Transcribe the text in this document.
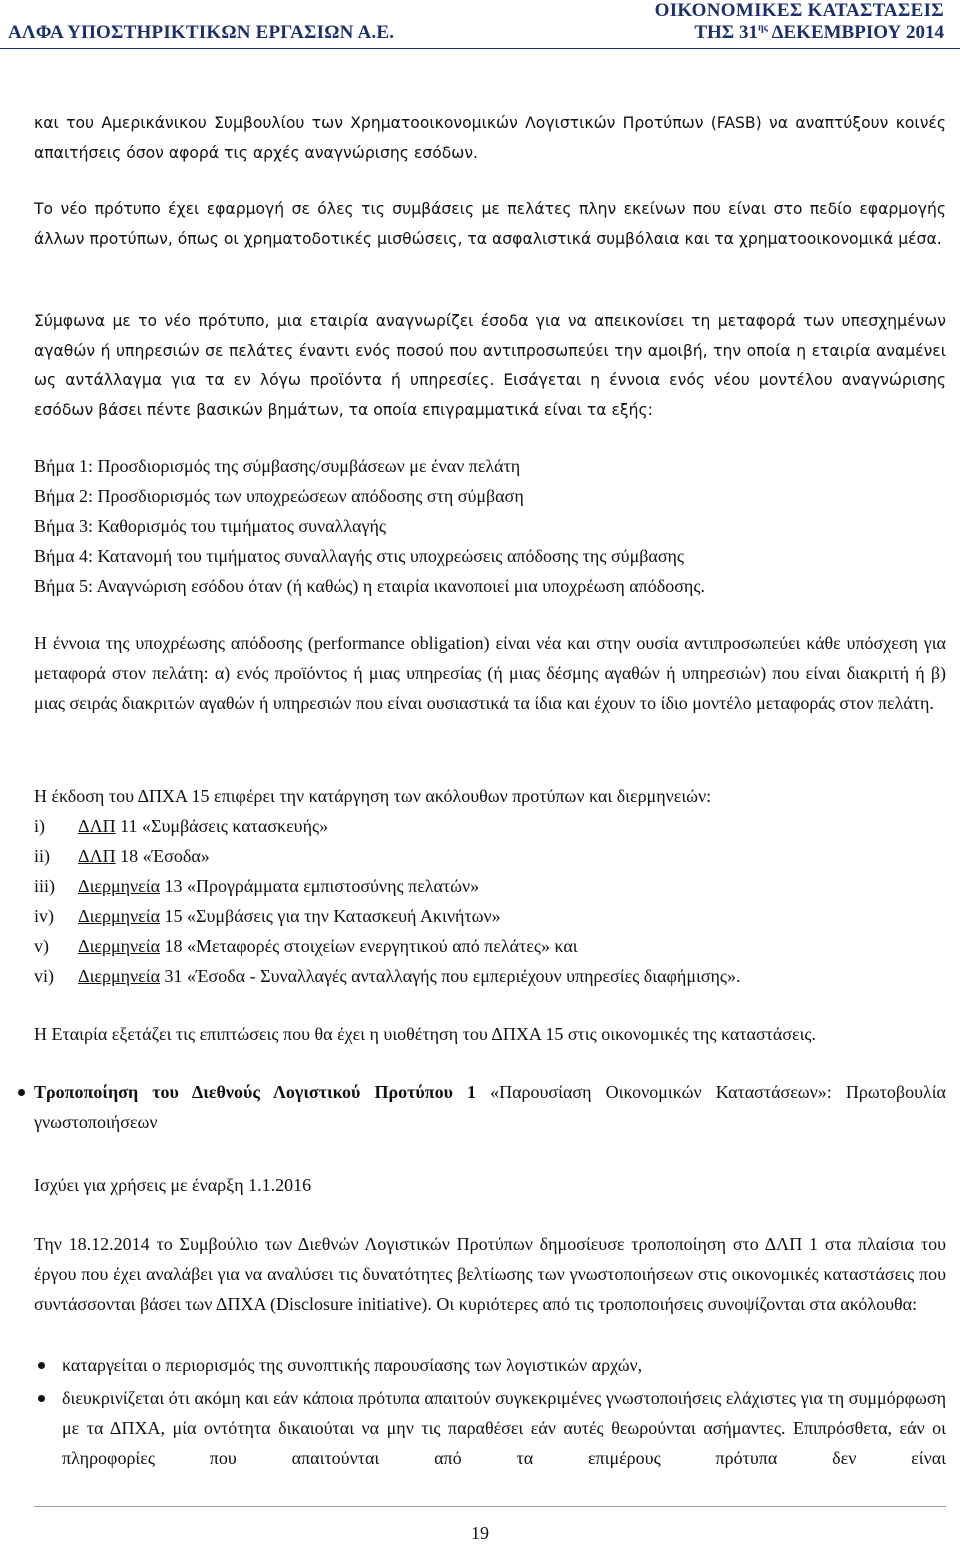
ΟΙΚΟΝΟΜΙΚΕΣ ΚΑΤΑΣΤΑΣΕΙΣ
ΑΛΦΑ ΥΠΟΣΤΗΡΙΚΤΙΚΩΝ ΕΡΓΑΣΙΩΝ Α.Ε.	ΤΗΣ $31^{\eta\varsigma}$ ΔΕΚΕΜΒΡΙΟΥ 2014

και του Αμερικάνικου Συμβουλίου των Χρηματοοικονομικών Λογιστικών Προτύπων (FASB) να αναπτύξουν κοινές απαιτήσεις όσον αφορά τις αρχές αναγνώρισης εσόδων.

Το νέο πρότυπο έχει εφαρμογή σε όλες τις συμβάσεις με πελάτες πλην εκείνων που είναι στο πεδίο εφαρμογής άλλων προτύπων, όπως οι χρηματοδοτικές μισθώσεις, τα ασφαλιστικά συμβόλαια και τα χρηματοοικονομικά μέσα.

Σύμφωνα με το νέο πρότυπο, μια εταιρία αναγνωρίζει έσοδα για να απεικονίσει τη μεταφορά των υπεσχημένων αγαθών ή υπηρεσιών σε πελάτες έναντι ενός ποσού που αντιπροσωπεύει την αμοιβή, την οποία η εταιρία αναμένει ως αντάλλαγμα για τα εν λόγω προϊόντα ή υπηρεσίες. Εισάγεται η έννοια ενός νέου μοντέλου αναγνώρισης εσόδων βάσει πέντε βασικών βημάτων, τα οποία επιγραμματικά είναι τα εξής:

Βήμα 1: Προσδιορισμός της σύμβασης/συμβάσεων με έναν πελάτη

Βήμα 2: Προσδιορισμός των υποχρεώσεων απόδοσης στη σύμβαση

Βήμα 3: Καθορισμός του τιμήματος συναλλαγής

Βήμα 4: Κατανομή του τιμήματος συναλλαγής στις υποχρεώσεις απόδοσης της σύμβασης

Βήμα 5: Αναγνώριση εσόδου όταν (ή καθώς) η εταιρία ικανοποιεί μια υποχρέωση απόδοσης.

Η έννοια της υποχρέωσης απόδοσης (performance obligation) είναι νέα και στην ουσία αντιπροσωπεύει κάθε υπόσχεση για μεταφορά στον πελάτη: α) ενός προϊόντος ή μιας υπηρεσίας (ή μιας δέσμης αγαθών ή υπηρεσιών) που είναι διακριτή ή β) μιας σειράς διακριτών αγαθών ή υπηρεσιών που είναι ουσιαστικά τα ίδια και έχουν το ίδιο μοντέλο μεταφοράς στον πελάτη.

Η έκδοση του ΔΠΧΑ 15 επιφέρει την κατάργηση των ακόλουθων προτύπων και διερμηνειών:

i) ΔΛΠ 11 «Συμβάσεις κατασκευής»
ii) ΔΛΠ 18 «Έσοδα»
iii) Διερμηνεία 13 «Προγράμματα εμπιστοσύνης πελατών»
iv) Διερμηνεία 15 «Συμβάσεις για την Κατασκευή Ακινήτων»
v) Διερμηνεία 18 «Μεταφορές στοιχείων ενεργητικού από πελάτες» και
vi) Διερμηνεία 31 «Έσοδα - Συναλλαγές ανταλλαγής που εμπεριέχουν υπηρεσίες διαφήμισης».

Η Εταιρία εξετάζει τις επιπτώσεις που θα έχει η υιοθέτηση του ΔΠΧΑ 15 στις οικονομικές της καταστάσεις.

Τροποποίηση του Διεθνούς Λογιστικού Προτύπου 1 «Παρουσίαση Οικονομικών Καταστάσεων»: Πρωτοβουλία γνωστοποιήσεων

Ισχύει για χρήσεις με έναρξη 1.1.2016

Την 18.12.2014 το Συμβούλιο των Διεθνών Λογιστικών Προτύπων δημοσίευσε τροποποίηση στο ΔΛΠ 1 στα πλαίσια του έργου που έχει αναλάβει για να αναλύσει τις δυνατότητες βελτίωσης των γνωστοποιήσεων στις οικονομικές καταστάσεις που συντάσσονται βάσει των ΔΠΧΑ (Disclosure initiative). Οι κυριότερες από τις τροποποιήσεις συνοψίζονται στα ακόλουθα:

καταργείται ο περιορισμός της συνοπτικής παρουσίασης των λογιστικών αρχών,

διευκρινίζεται ότι ακόμη και εάν κάποια πρότυπα απαιτούν συγκεκριμένες γνωστοποιήσεις ελάχιστες για τη συμμόρφωση με τα ΔΠΧΑ, μία οντότητα δικαιούται να μην τις παραθέσει εάν αυτές θεωρούνται ασήμαντες. Επιπρόσθετα, εάν οι πληροφορίες που απαιτούνται από τα επιμέρους πρότυπα δεν είναι

19
